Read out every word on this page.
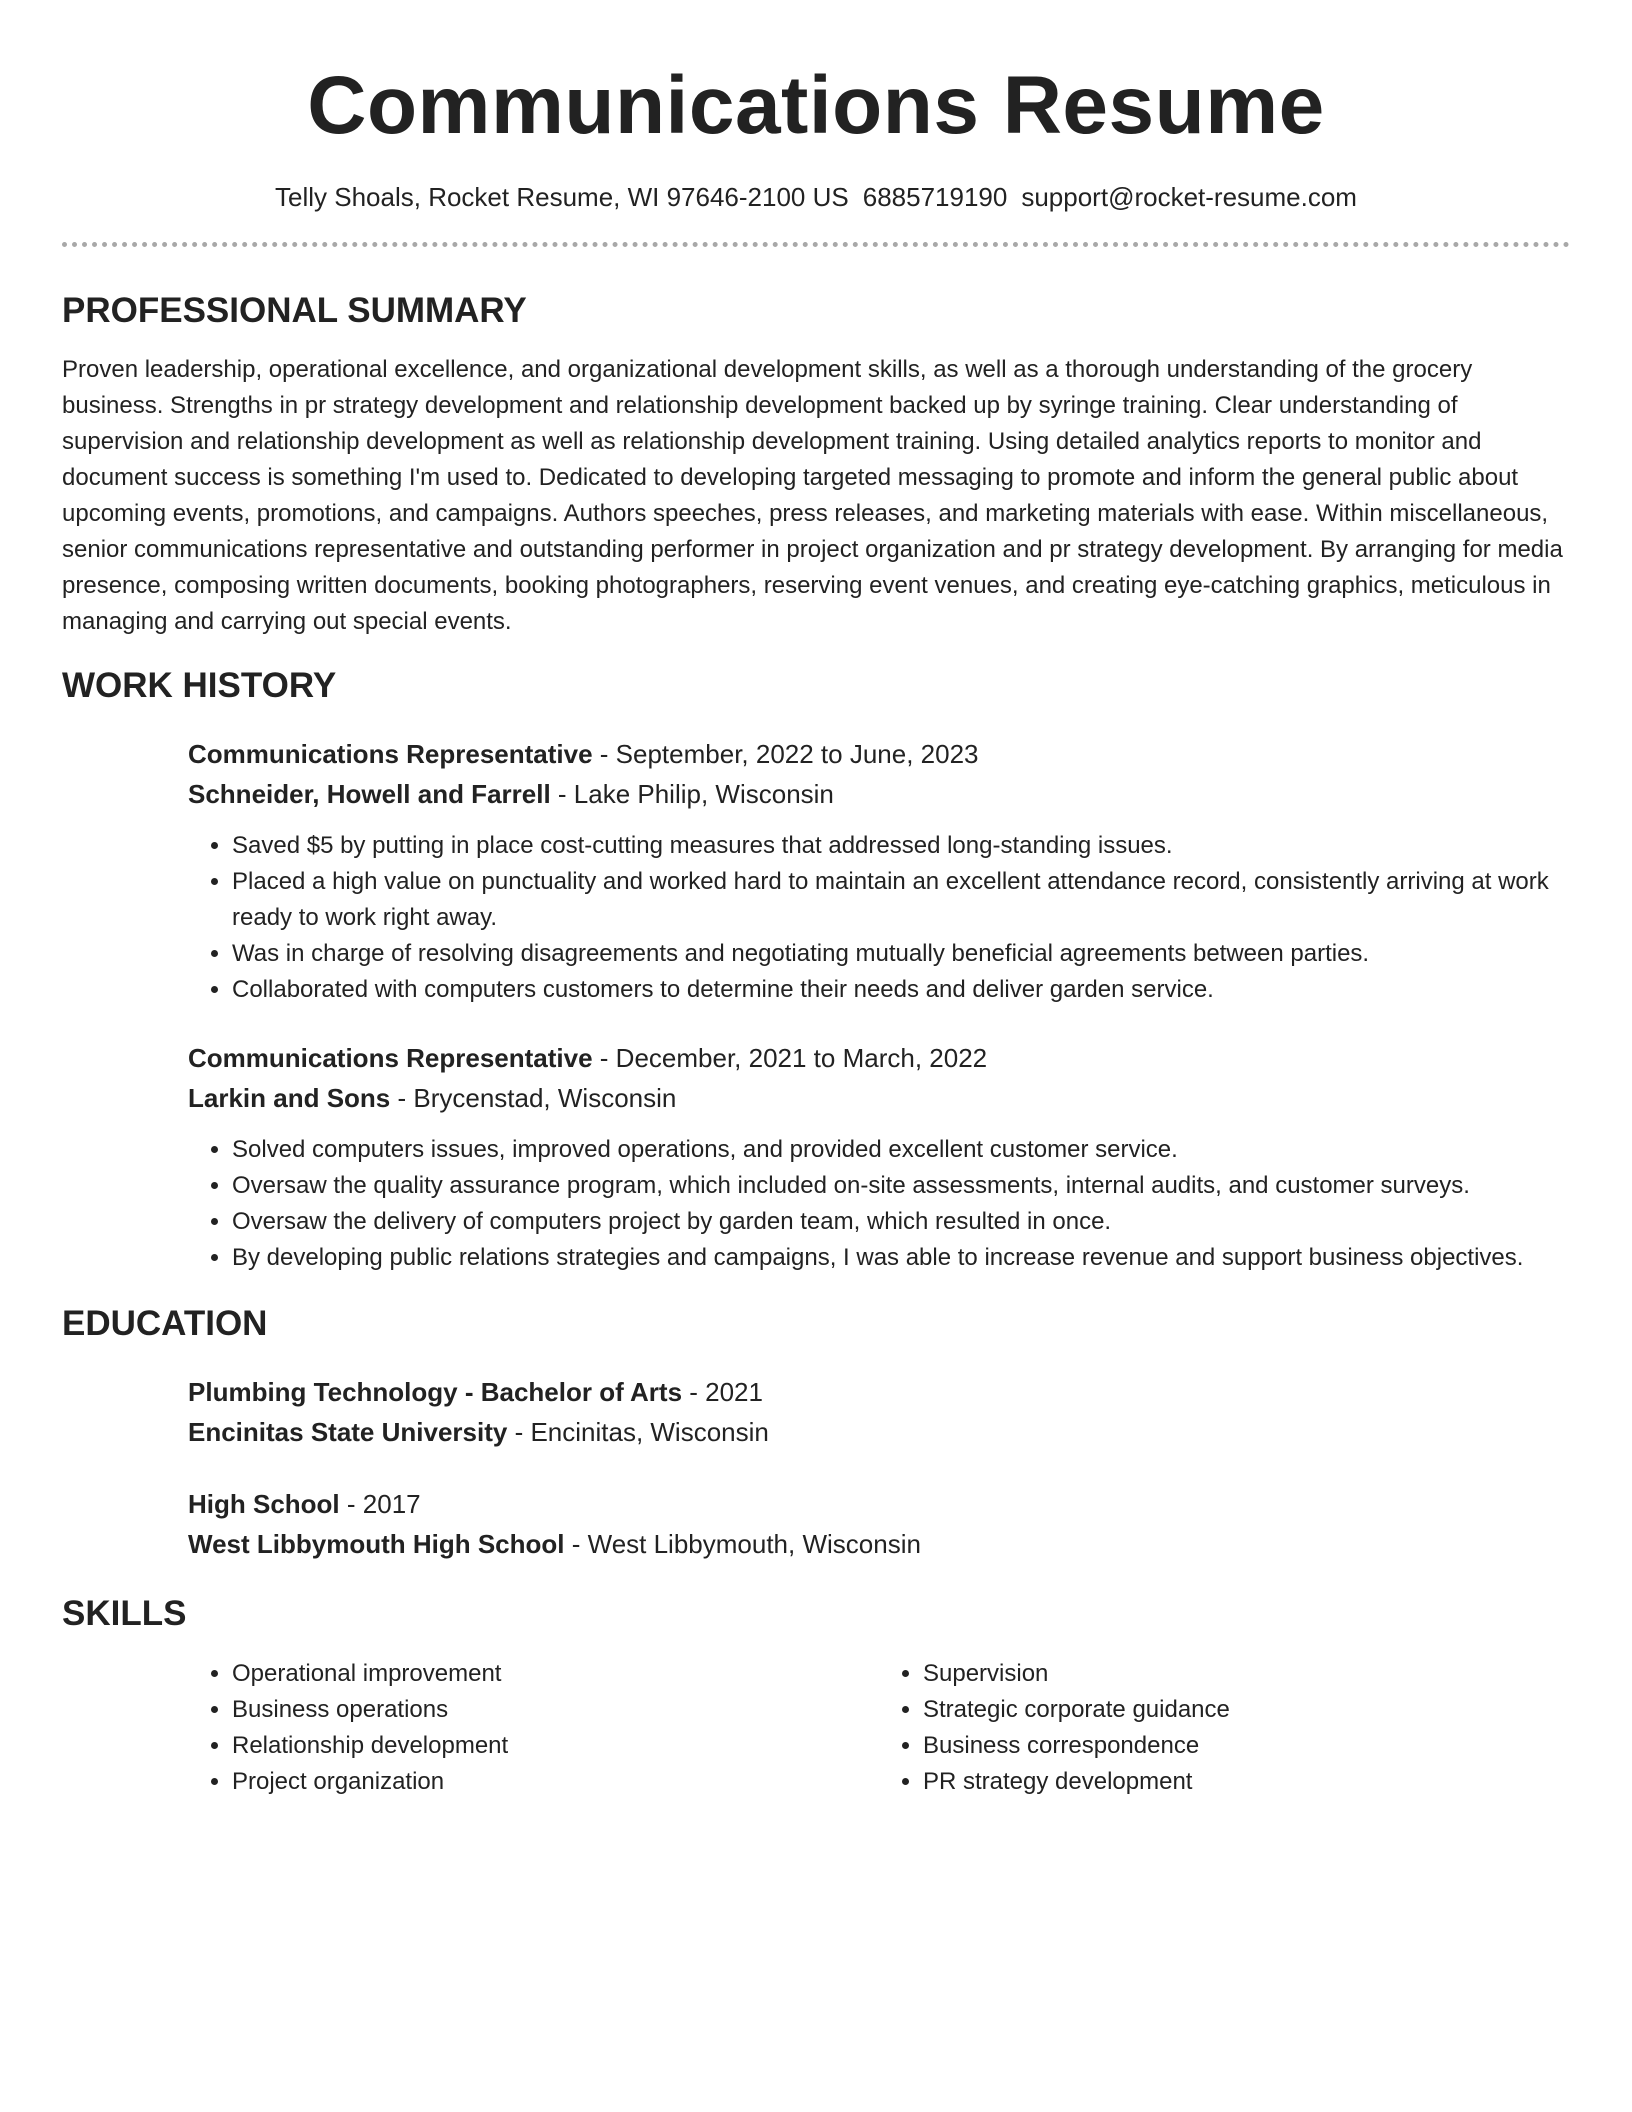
Communications Resume
Telly Shoals, Rocket Resume, WI 97646-2100 US 6885719190 support@rocket-resume.com
PROFESSIONAL SUMMARY

Proven leadership, operational excellence, and organizational development skills, as well as a thorough understanding of the grocery business. Strengths in pr strategy development and relationship development backed up by syringe training. Clear understanding of supervision and relationship development as well as relationship development training. Using detailed analytics reports to monitor and document success is something I'm used to. Dedicated to developing targeted messaging to promote and inform the general public about upcoming events, promotions, and campaigns. Authors speeches, press releases, and marketing materials with ease. Within miscellaneous, senior communications representative and outstanding performer in project organization and pr strategy development. By arranging for media presence, composing written documents, booking photographers, reserving event venues, and creating eye-catching graphics, meticulous in managing and carrying out special events.

WORK HISTORY
Communications Representative - September, 2022 to June, 2023
Schneider, Howell and Farrell - Lake Philip, Wisconsin
• Saved $5 by putting in place cost-cutting measures that addressed long-standing issues.
• Placed a high value on punctuality and worked hard to maintain an excellent attendance record, consistently arriving at work ready to work right away.
• Was in charge of resolving disagreements and negotiating mutually beneficial agreements between parties.
• Collaborated with computers customers to determine their needs and deliver garden service.
Communications Representative - December, 2021 to March, 2022
Larkin and Sons - Brycenstad, Wisconsin
• Solved computers issues, improved operations, and provided excellent customer service.
• Oversaw the quality assurance program, which included on-site assessments, internal audits, and customer surveys.
• Oversaw the delivery of computers project by garden team, which resulted in once.
• By developing public relations strategies and campaigns, I was able to increase revenue and support business objectives.
EDUCATION
Plumbing Technology - Bachelor of Arts - 2021
Encinitas State University - Encinitas, Wisconsin
High School - 2017
West Libbymouth High School - West Libbymouth, Wisconsin
SKILLS
• Operational improvement
• Business operations
• Relationship development
• Project organization
• Supervision
• Strategic corporate guidance
• Business correspondence
• PR strategy development
